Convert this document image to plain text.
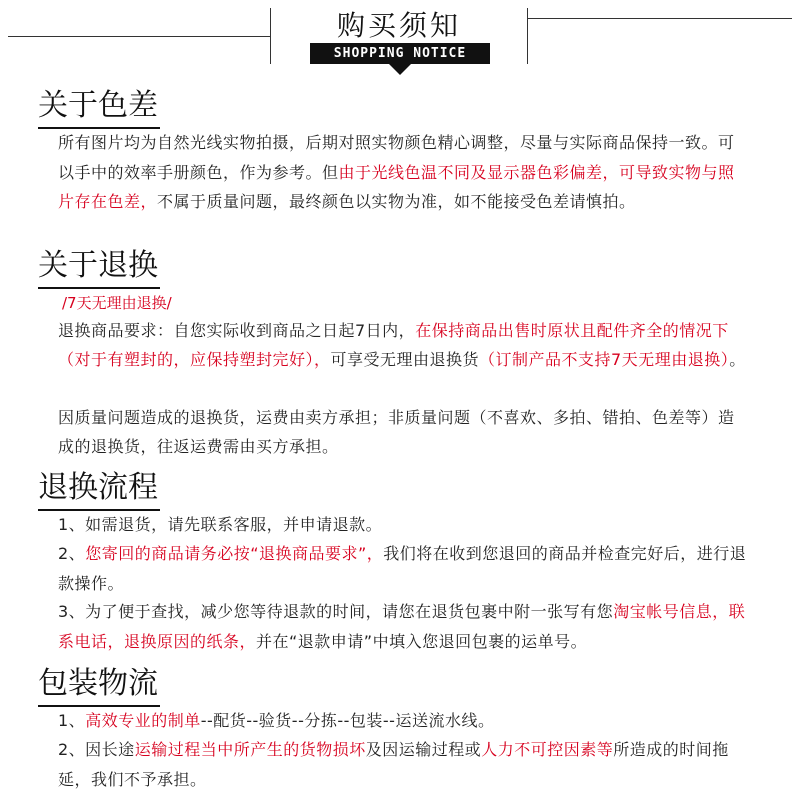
购买须知
SHOPPING NOTICE
关于色差
所有图片均为自然光线实物拍摄，后期对照实物颜色精心调整，尽量与实际商品保持一致。可以手中的效率手册颜色，作为参考。但由于光线色温不同及显示器色彩偏差，可导致实物与照片存在色差，不属于质量问题，最终颜色以实物为准，如不能接受色差请慎拍。
关于退换
/7天无理由退换/
退换商品要求：自您实际收到商品之日起7日内，在保持商品出售时原状且配件齐全的情况下（对于有塑封的，应保持塑封完好），可享受无理由退换货（订制产品不支持7天无理由退换）。
因质量问题造成的退换货，运费由卖方承担；非质量问题（不喜欢、多拍、错拍、色差等）造成的退换货，往返运费需由买方承担。
退换流程
1、如需退货，请先联系客服，并申请退款。
2、您寄回的商品请务必按“退换商品要求”，我们将在收到您退回的商品并检查完好后，进行退款操作。
3、为了便于查找，减少您等待退款的时间，请您在退货包裹中附一张写有您淘宝帐号信息，联系电话，退换原因的纸条，并在“退款申请”中填入您退回包裹的运单号。
包装物流
1、高效专业的制单--配货--验货--分拣--包装--运送流水线。
2、因长途运输过程当中所产生的货物损坏及因运输过程或人力不可控因素等所造成的时间拖延，我们不予承担。
